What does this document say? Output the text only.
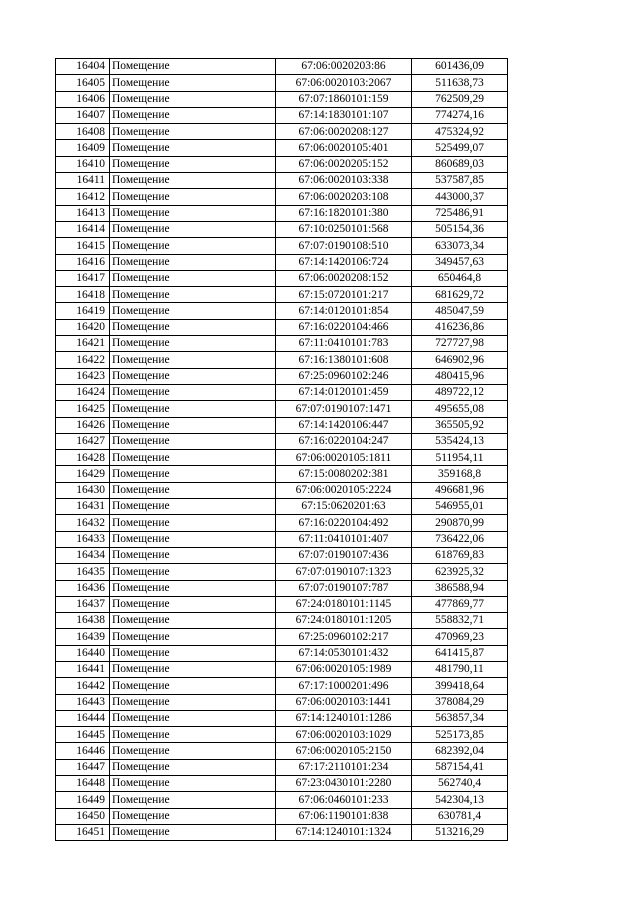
16404	Помещение	67:06:0020203:86	601436,09
16405	Помещение	67:06:0020103:2067	511638,73
16406	Помещение	67:07:1860101:159	762509,29
16407	Помещение	67:14:1830101:107	774274,16
16408	Помещение	67:06:0020208:127	475324,92
16409	Помещение	67:06:0020105:401	525499,07
16410	Помещение	67:06:0020205:152	860689,03
16411	Помещение	67:06:0020103:338	537587,85
16412	Помещение	67:06:0020203:108	443000,37
16413	Помещение	67:16:1820101:380	725486,91
16414	Помещение	67:10:0250101:568	505154,36
16415	Помещение	67:07:0190108:510	633073,34
16416	Помещение	67:14:1420106:724	349457,63
16417	Помещение	67:06:0020208:152	650464,8
16418	Помещение	67:15:0720101:217	681629,72
16419	Помещение	67:14:0120101:854	485047,59
16420	Помещение	67:16:0220104:466	416236,86
16421	Помещение	67:11:0410101:783	727727,98
16422	Помещение	67:16:1380101:608	646902,96
16423	Помещение	67:25:0960102:246	480415,96
16424	Помещение	67:14:0120101:459	489722,12
16425	Помещение	67:07:0190107:1471	495655,08
16426	Помещение	67:14:1420106:447	365505,92
16427	Помещение	67:16:0220104:247	535424,13
16428	Помещение	67:06:0020105:1811	511954,11
16429	Помещение	67:15:0080202:381	359168,8
16430	Помещение	67:06:0020105:2224	496681,96
16431	Помещение	67:15:0620201:63	546955,01
16432	Помещение	67:16:0220104:492	290870,99
16433	Помещение	67:11:0410101:407	736422,06
16434	Помещение	67:07:0190107:436	618769,83
16435	Помещение	67:07:0190107:1323	623925,32
16436	Помещение	67:07:0190107:787	386588,94
16437	Помещение	67:24:0180101:1145	477869,77
16438	Помещение	67:24:0180101:1205	558832,71
16439	Помещение	67:25:0960102:217	470969,23
16440	Помещение	67:14:0530101:432	641415,87
16441	Помещение	67:06:0020105:1989	481790,11
16442	Помещение	67:17:1000201:496	399418,64
16443	Помещение	67:06:0020103:1441	378084,29
16444	Помещение	67:14:1240101:1286	563857,34
16445	Помещение	67:06:0020103:1029	525173,85
16446	Помещение	67:06:0020105:2150	682392,04
16447	Помещение	67:17:2110101:234	587154,41
16448	Помещение	67:23:0430101:2280	562740,4
16449	Помещение	67:06:0460101:233	542304,13
16450	Помещение	67:06:1190101:838	630781,4
16451	Помещение	67:14:1240101:1324	513216,29
